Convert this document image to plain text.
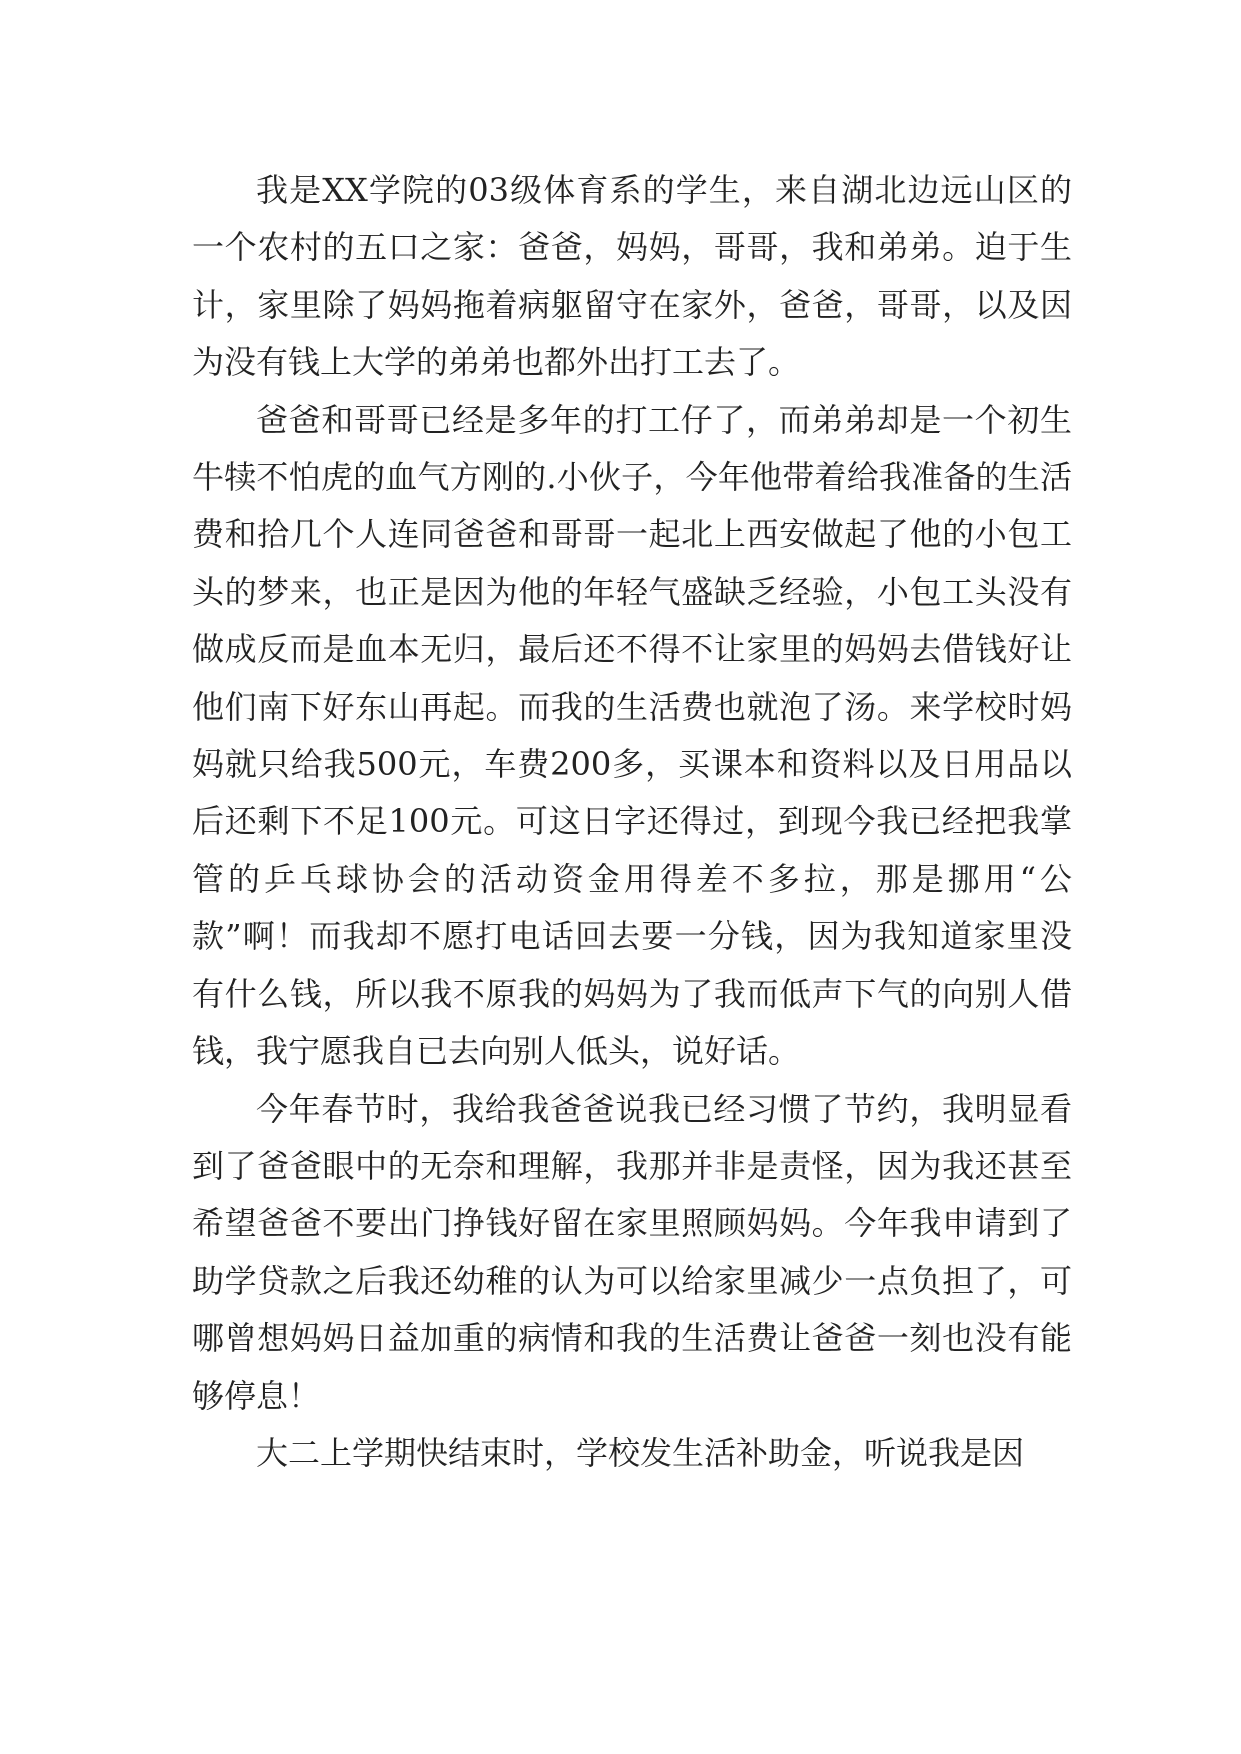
我是XX学院的03级体育系的学生，来自湖北边远山区的一个农村的五口之家：爸爸，妈妈，哥哥，我和弟弟。迫于生计，家里除了妈妈拖着病躯留守在家外，爸爸，哥哥，以及因为没有钱上大学的弟弟也都外出打工去了。

爸爸和哥哥已经是多年的打工仔了，而弟弟却是一个初生牛犊不怕虎的血气方刚的.小伙子，今年他带着给我准备的生活费和拾几个人连同爸爸和哥哥一起北上西安做起了他的小包工头的梦来，也正是因为他的年轻气盛缺乏经验，小包工头没有做成反而是血本无归，最后还不得不让家里的妈妈去借钱好让他们南下好东山再起。而我的生活费也就泡了汤。来学校时妈妈就只给我500元，车费200多，买课本和资料以及日用品以后还剩下不足100元。可这日字还得过，到现今我已经把我掌管的乒乓球协会的活动资金用得差不多拉，那是挪用“公款”啊！而我却不愿打电话回去要一分钱，因为我知道家里没有什么钱，所以我不原我的妈妈为了我而低声下气的向别人借钱，我宁愿我自已去向别人低头，说好话。

今年春节时，我给我爸爸说我已经习惯了节约，我明显看到了爸爸眼中的无奈和理解，我那并非是责怪，因为我还甚至希望爸爸不要出门挣钱好留在家里照顾妈妈。今年我申请到了助学贷款之后我还幼稚的认为可以给家里减少一点负担了，可哪曾想妈妈日益加重的病情和我的生活费让爸爸一刻也没有能够停息！

大二上学期快结束时，学校发生活补助金，听说我是因
